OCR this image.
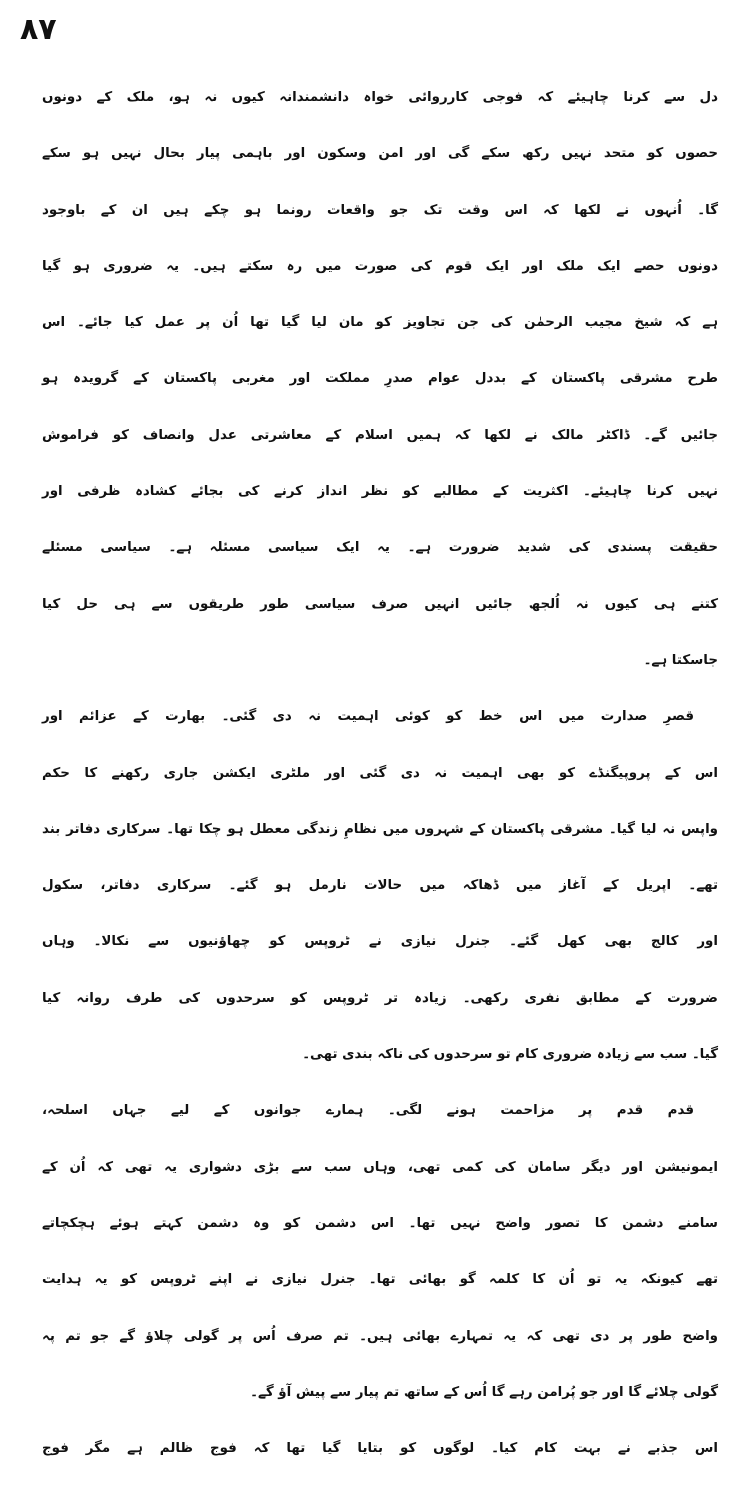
۸۷
دل سے کرنا چاہیئے کہ فوجی کارروائی خواہ دانشمندانہ کیوں نہ ہو، ملک کے دونوں
حصوں کو متحد نہیں رکھ سکے گی اور امن وسکون اور باہمی پیار بحال نہیں ہو سکے
گا۔ اُنہوں نے لکھا کہ اس وقت تک جو واقعات رونما ہو چکے ہیں ان کے باوجود
دونوں حصے ایک ملک اور ایک قوم کی صورت میں رہ سکتے ہیں۔ یہ ضروری ہو گیا
ہے کہ شیخ مجیب الرحمٰن کی جن تجاویز کو مان لیا گیا تھا اُن پر عمل کیا جائے۔ اس
طرح مشرقی پاکستان کے بددل عوام صدرِ مملکت اور مغربی پاکستان کے گرویدہ ہو
جائیں گے۔ ڈاکٹر مالک نے لکھا کہ ہمیں اسلام کے معاشرتی عدل وانصاف کو فراموش
نہیں کرنا چاہیئے۔ اکثریت کے مطالبے کو نظر انداز کرنے کی بجائے کشادہ ظرفی اور
حقیقت پسندی کی شدید ضرورت ہے۔ یہ ایک سیاسی مسئلہ ہے۔ سیاسی مسئلے
کتنے ہی کیوں نہ اُلجھ جائیں انہیں صرف سیاسی طور طریقوں سے ہی حل کیا
جاسکتا ہے۔
قصرِ صدارت میں اس خط کو کوئی اہمیت نہ دی گئی۔ بھارت کے عزائم اور
اس کے پروپیگنڈے کو بھی اہمیت نہ دی گئی اور ملٹری ایکشن جاری رکھنے کا حکم
واپس نہ لیا گیا۔ مشرقی پاکستان کے شہروں میں نظامِ زندگی معطل ہو چکا تھا۔ سرکاری دفاتر بند
تھے۔ اپریل کے آغاز میں ڈھاکہ میں حالات نارمل ہو گئے۔ سرکاری دفاتر، سکول
اور کالج بھی کھل گئے۔ جنرل نیازی نے ٹروپس کو چھاؤنیوں سے نکالا۔ وہاں
ضرورت کے مطابق نفری رکھی۔ زیادہ تر ٹروپس کو سرحدوں کی طرف روانہ کیا
گیا۔ سب سے زیادہ ضروری کام تو سرحدوں کی ناکہ بندی تھی۔
قدم قدم پر مزاحمت ہونے لگی۔ ہمارے جوانوں کے لیے جہاں اسلحہ،
ایمونیشن اور دیگر سامان کی کمی تھی، وہاں سب سے بڑی دشواری یہ تھی کہ اُن کے
سامنے دشمن کا تصور واضح نہیں تھا۔ اس دشمن کو وہ دشمن کہتے ہوئے ہچکچاتے
تھے کیونکہ یہ تو اُن کا کلمہ گو بھائی تھا۔ جنرل نیازی نے اپنے ٹروپس کو یہ ہدایت
واضح طور پر دی تھی کہ یہ تمہارے بھائی ہیں۔ تم صرف اُس پر گولی چلاؤ گے جو تم پہ
گولی چلائے گا اور جو پُرامن رہے گا اُس کے ساتھ تم پیار سے پیش آؤ گے۔
اس جذبے نے بہت کام کیا۔ لوگوں کو بتایا گیا تھا کہ فوج ظالم ہے مگر فوج
